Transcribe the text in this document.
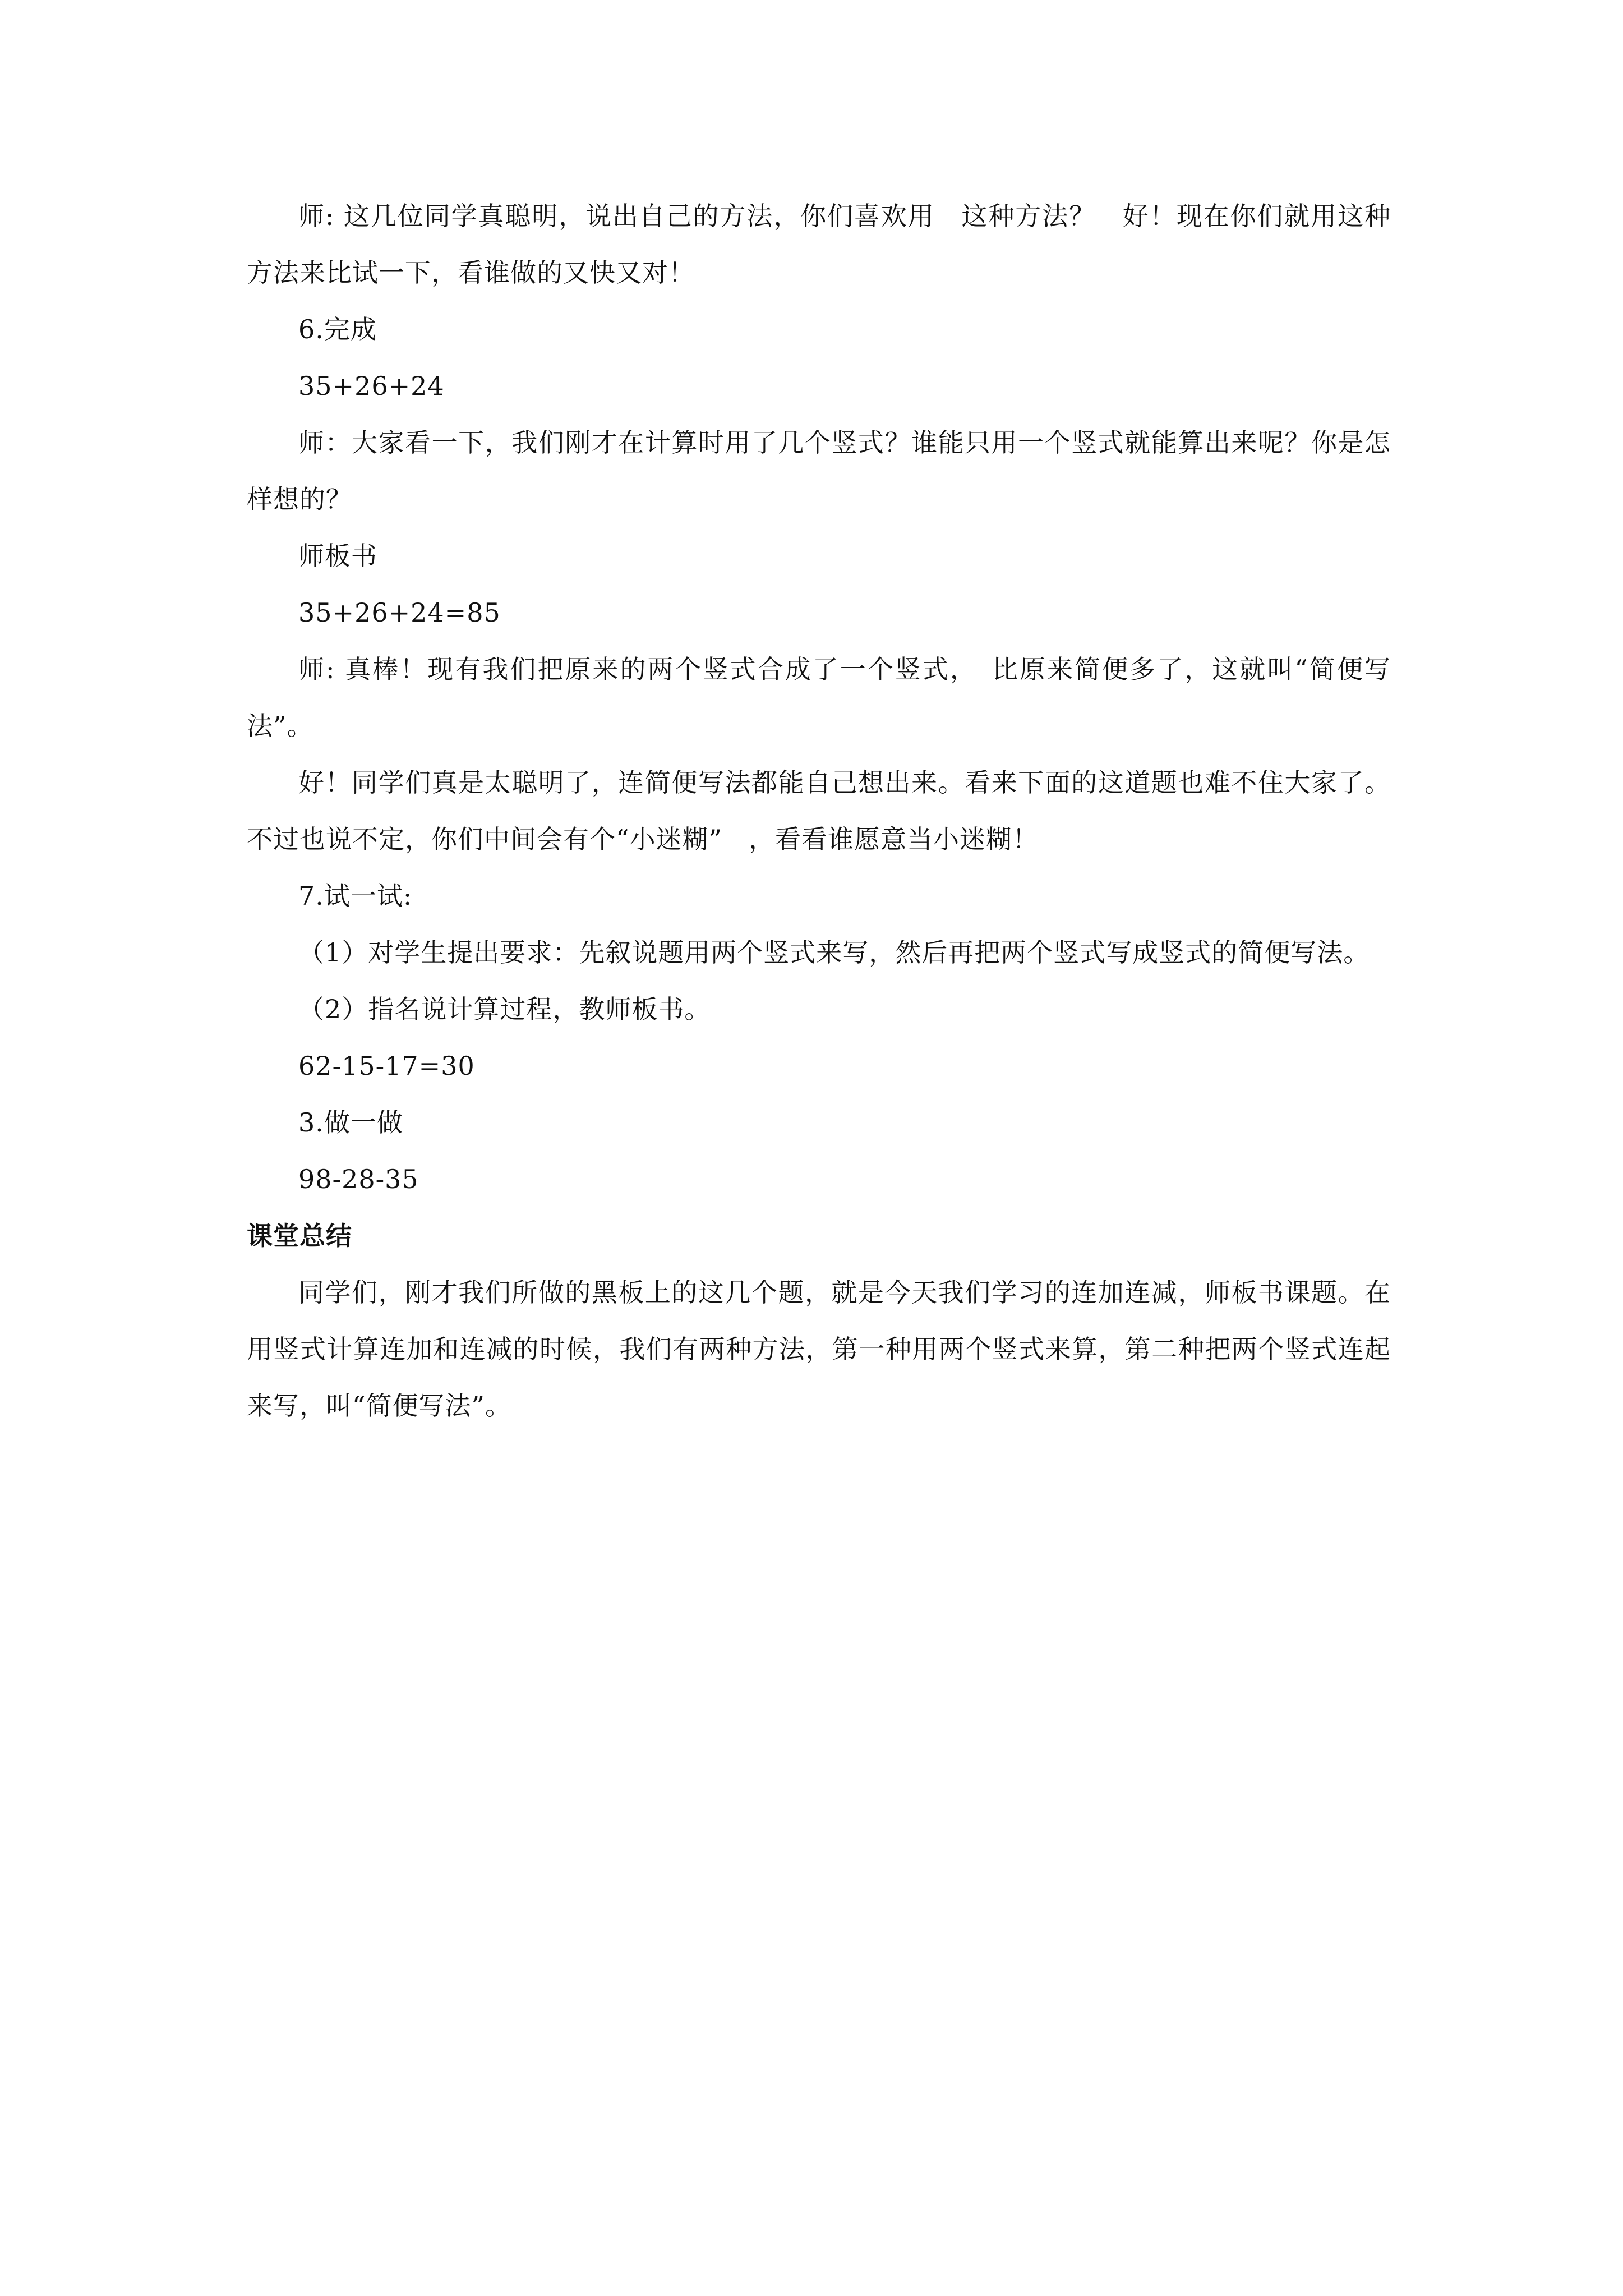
师: 这几位同学真聪明，说出自己的方法，你们喜欢用　这种方法？　好！现在你们就用这种方法来比试一下，看谁做的又快又对！

6.完成

35+26+24

师：大家看一下，我们刚才在计算时用了几个竖式？谁能只用一个竖式就能算出来呢？你是怎样想的？

师板书

35+26+24=85

师: 真棒！现有我们把原来的两个竖式合成了一个竖式，　比原来简便多了，这就叫“简便写法”。

好！同学们真是太聪明了，连简便写法都能自己想出来。看来下面的这道题也难不住大家了。不过也说不定，你们中间会有个“小迷糊”　，看看谁愿意当小迷糊！

7.试一试:

（1）对学生提出要求：先叙说题用两个竖式来写，然后再把两个竖式写成竖式的简便写法。

（2）指名说计算过程，教师板书。

62-15-17=30

3.做一做

98-28-35

课堂总结

同学们，刚才我们所做的黑板上的这几个题，就是今天我们学习的连加连减，师板书课题。在用竖式计算连加和连减的时候，我们有两种方法，第一种用两个竖式来算，第二种把两个竖式连起来写，叫“简便写法”。
